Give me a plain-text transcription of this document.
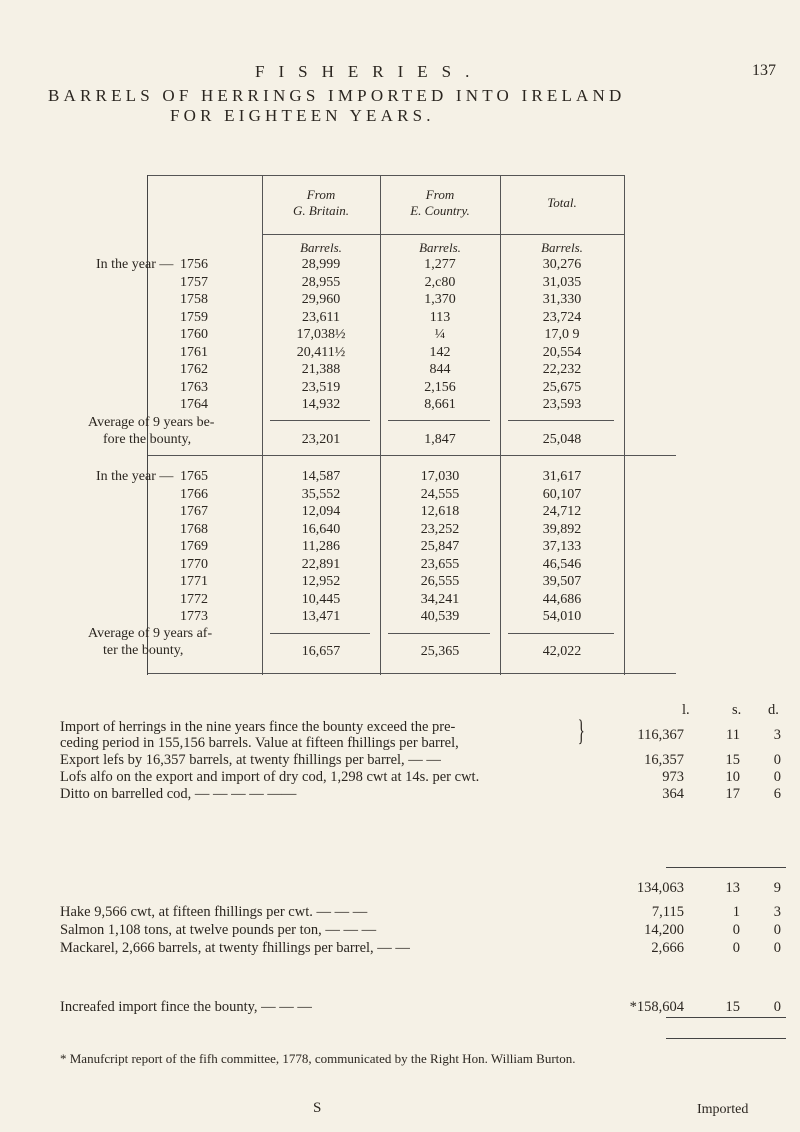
FISHERIES.	137
BARRELS OF HERRINGS IMPORTED INTO IRELAND
FOR EIGHTEEN YEARS.
From
G. Britain.
From
E. Country.
Total.
Barrels.	Barrels.	Barrels.
In the year — 1756	28,999	1,277	30,276
1757	28,955	2,c80	31,035
1758	29,960	1,370	31,330
1759	23,611	113	23,724
1760	17,038½	¼	17,0 9
1761	20,411½	142	20,554
1762	21,388	844	22,232
1763	23,519	2,156	25,675
1764	14,932	8,661	23,593
Average of 9 years be-
fore the bounty,	23,201	1,847	25,048
In the year — 1765	14,587	17,030	31,617
1766	35,552	24,555	60,107
1767	12,094	12,618	24,712
1768	16,640	23,252	39,892
1769	11,286	25,847	37,133
1770	22,891	23,655	46,546
1771	12,952	26,555	39,507
1772	10,445	34,241	44,686
1773	13,471	40,539	54,010
Average of 9 years af-
ter the bounty,	16,657	25,365	42,022
l.	s. d.
Import of herrings in the nine years fince the bounty exceed the pre-
ceding period in 155,156 barrels. Value at fifteen fhillings per barrel,	}	116,367	11	3
Export lefs by 16,357 barrels, at twenty fhillings per barrel, — —	16,357	15	0
Lofs alfo on the export and import of dry cod, 1,298 cwt at 14s. per cwt.	973	10	0
Ditto on barrelled cod, — — — — ——	364	17	6
134,063	13	9
Hake 9,566 cwt, at fifteen fhillings per cwt. — — —	7,115	1	3
Salmon 1,108 tons, at twelve pounds per ton, — — —	14,200	0	0
Mackarel, 2,666 barrels, at twenty fhillings per barrel, — —	2,666	0	0
Increafed import fince the bounty, — — —	*158,604	15	0
* Manufcript report of the fifh committee, 1778, communicated by the Right Hon. William Burton.
S	Imported
